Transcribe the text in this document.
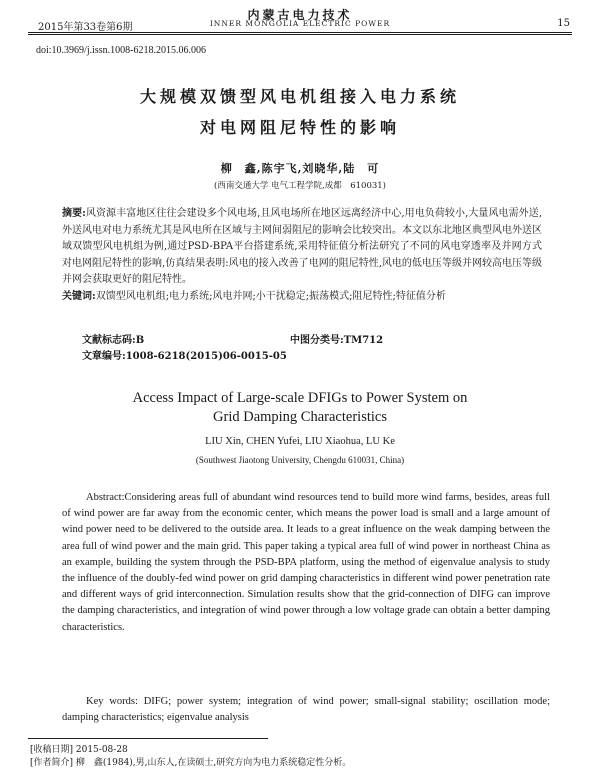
内蒙古电力技术
2015年第33卷第6期	INNER MONGOLIA ELECTRIC POWER	15
doi:10.3969/j.issn.1008-6218.2015.06.006
大规模双馈型风电机组接入电力系统
对电网阻尼特性的影响
柳　鑫,陈宇飞,刘晓华,陆　可
(西南交通大学 电气工程学院,成都　610031)
摘要:风资源丰富地区往往会建设多个风电场,且风电场所在地区远离经济中心,用电负荷较小,大量风电需外送,外送风电对电力系统尤其是风电所在区域与主网间弱阻尼的影响会比较突出。本文以东北地区典型风电外送区域双馈型风电机组为例,通过PSD-BPA平台搭建系统,采用特征值分析法研究了不同的风电穿透率及并网方式对电网阻尼特性的影响,仿真结果表明:风电的接入改善了电网的阻尼特性,风电的低电压等级并网较高电压等级并网会获取更好的阻尼特性。
关键词:双馈型风电机组;电力系统;风电并网;小干扰稳定;振荡模式;阻尼特性;特征值分析
文献标志码:B	中图分类号:TM712
文章编号:1008-6218(2015)06-0015-05
Access Impact of Large-scale DFIGs to Power System on
Grid Damping Characteristics
LIU Xin, CHEN Yufei, LIU Xiaohua, LU Ke
(Southwest Jiaotong University, Chengdu 610031, China)
Abstract:Considering areas full of abundant wind resources tend to build more wind farms, besides, areas full of wind power are far away from the economic center, which means the power load is small and a large amount of wind power need to be delivered to the outside area. It leads to a great influence on the weak damping between the area full of wind power and the main grid. This paper taking a typical area full of wind power in northeast China as an example, building the system through the PSD-BPA platform, using the method of eigenvalue analysis to study the influence of the doubly-fed wind power on grid damping characteristics in different wind power penetration rate and different ways of grid interconnection. Simulation results show that the grid-connection of DIFG can improve the damping characteristics, and integration of wind power through a low voltage grade can obtain a better damping characteristics.
Key words: DIFG; power system; integration of wind power; small-signal stability; oscillation mode; damping characteristics; eigenvalue analysis
[收稿日期] 2015-08-28
[作者简介] 柳　鑫(1984),男,山东人,在读硕士,研究方向为电力系统稳定性分析。
